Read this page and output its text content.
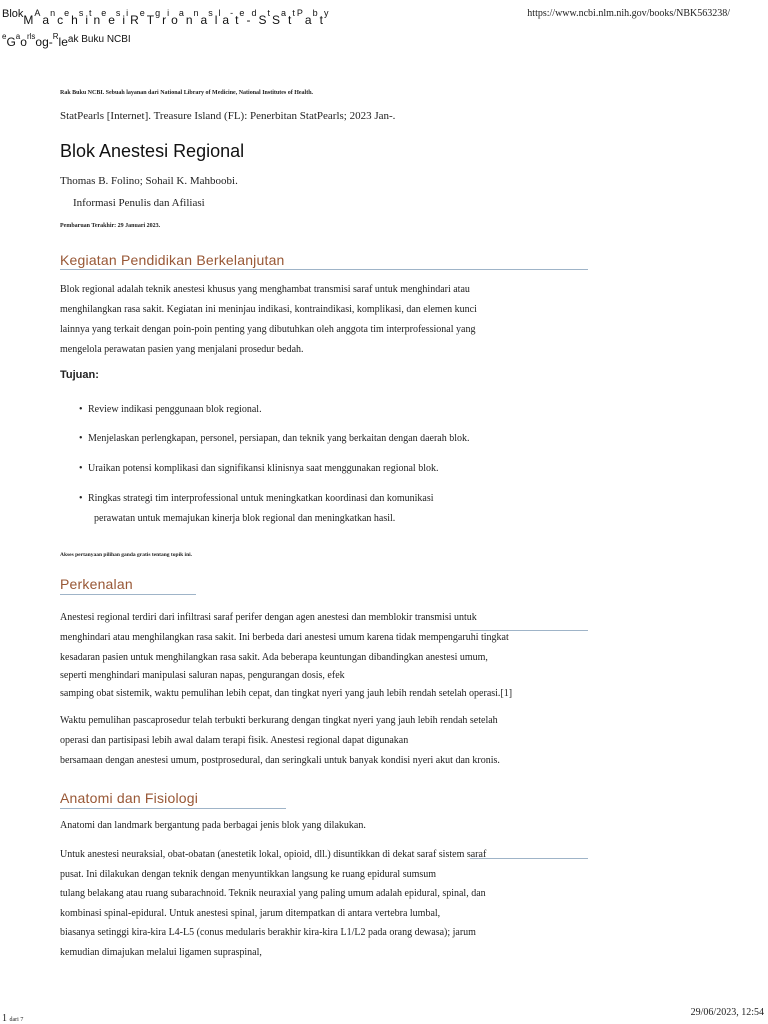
BlokMAancehsitneesiiReTgrioannaslla-te-dStSattPabty
$^eG^ao^{rls}og-^Rleak$ Buku NCBI
https://www.ncbi.nlm.nih.gov/books/NBK563238/
Rak Buku NCBI. Sebuah layanan dari National Library of Medicine, National Institutes of Health.
StatPearls [Internet]. Treasure Island (FL): Penerbitan StatPearls; 2023 Jan-.
Blok Anestesi Regional
Thomas B. Folino; Sohail K. Mahboobi.
Informasi Penulis dan Afiliasi
Pembaruan Terakhir: 29 Januari 2023.
Kegiatan Pendidikan Berkelanjutan
Blok regional adalah teknik anestesi khusus yang menghambat transmisi saraf untuk menghindari atau
menghilangkan rasa sakit. Kegiatan ini meninjau indikasi, kontraindikasi, komplikasi, dan elemen kunci
lainnya yang terkait dengan poin-poin penting yang dibutuhkan oleh anggota tim interprofessional yang
mengelola perawatan pasien yang menjalani prosedur bedah.
Tujuan:
• Review indikasi penggunaan blok regional.
• Menjelaskan perlengkapan, personel, persiapan, dan teknik yang berkaitan dengan daerah blok.
• Uraikan potensi komplikasi dan signifikansi klinisnya saat menggunakan regional blok.
• Ringkas strategi tim interprofessional untuk meningkatkan koordinasi dan komunikasi
perawatan untuk memajukan kinerja blok regional dan meningkatkan hasil.
Akses pertanyaan pilihan ganda gratis tentang topik ini.
Perkenalan
Anestesi regional terdiri dari infiltrasi saraf perifer dengan agen anestesi dan memblokir transmisi untuk
menghindari atau menghilangkan rasa sakit. Ini berbeda dari anestesi umum karena tidak mempengaruhi tingkat
kesadaran pasien untuk menghilangkan rasa sakit. Ada beberapa keuntungan dibandingkan anestesi umum,
seperti menghindari manipulasi saluran napas, pengurangan dosis, efek
samping obat sistemik, waktu pemulihan lebih cepat, dan tingkat nyeri yang jauh lebih rendah setelah operasi.[1]
Waktu pemulihan pascaprosedur telah terbukti berkurang dengan tingkat nyeri yang jauh lebih rendah setelah
operasi dan partisipasi lebih awal dalam terapi fisik. Anestesi regional dapat digunakan
bersamaan dengan anestesi umum, postprosedural, dan seringkali untuk banyak kondisi nyeri akut dan kronis.
Anatomi dan Fisiologi
Anatomi dan landmark bergantung pada berbagai jenis blok yang dilakukan.
Untuk anestesi neuraksial, obat-obatan (anestetik lokal, opioid, dll.) disuntikkan di dekat saraf sistem saraf
pusat. Ini dilakukan dengan teknik dengan menyuntikkan langsung ke ruang epidural sumsum
tulang belakang atau ruang subarachnoid. Teknik neuraxial yang paling umum adalah epidural, spinal, dan
kombinasi spinal-epidural. Untuk anestesi spinal, jarum ditempatkan di antara vertebra lumbal,
biasanya setinggi kira-kira L4-L5 (conus medularis berakhir kira-kira L1/L2 pada orang dewasa); jarum
kemudian dimajukan melalui ligamen supraspinal,
1 dari 7
29/06/2023, 12:54
